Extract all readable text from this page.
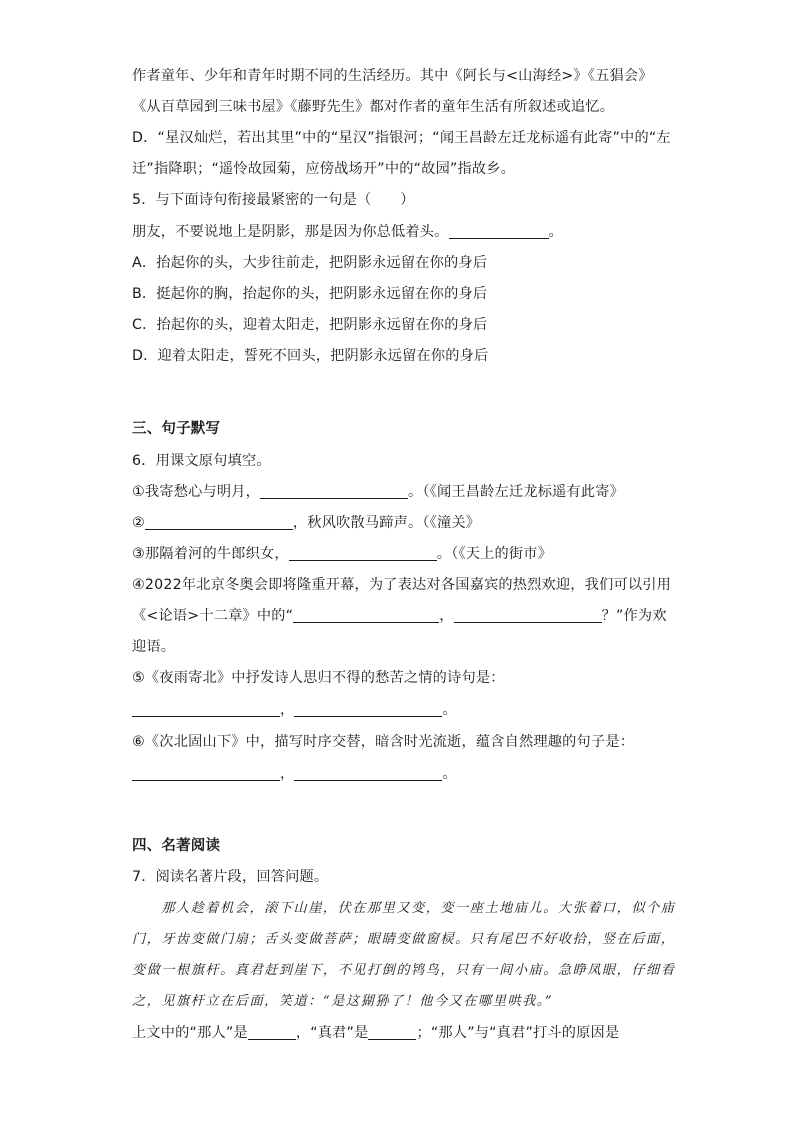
作者童年、少年和青年时期不同的生活经历。其中《阿长与<山海经>》《五猖会》
《从百草园到三味书屋》《藤野先生》都对作者的童年生活有所叙述或追忆。
D．“星汉灿烂，若出其里”中的“星汉”指银河；“闻王昌龄左迁龙标遥有此寄”中的“左
迁”指降职；“遥怜故园菊，应傍战场开”中的“故园”指故乡。
5．与下面诗句衔接最紧密的一句是（　　）
朋友，不要说地上是阴影，那是因为你总低着头。	。
A．抬起你的头，大步往前走，把阴影永远留在你的身后
B．挺起你的胸，抬起你的头，把阴影永远留在你的身后
C．抬起你的头，迎着太阳走，把阴影永远留在你的身后
D．迎着太阳走，誓死不回头，把阴影永远留在你的身后
三、句子默写
6．用课文原句填空。
①我寄愁心与明月，	。（《闻王昌龄左迁龙标遥有此寄》
②	，秋风吹散马蹄声。（《潼关》
③那隔着河的牛郎织女，	。（《天上的街市》
④2022年北京冬奥会即将隆重开幕，为了表达对各国嘉宾的热烈欢迎，我们可以引用
《<论语>十二章》中的“	，	？”作为欢
迎语。
⑤《夜雨寄北》中抒发诗人思归不得的愁苦之情的诗句是：
，	。
⑥《次北固山下》中，描写时序交替，暗含时光流逝，蕴含自然理趣的句子是：
，	。
四、名著阅读
7．阅读名著片段，回答问题。
　　那人趁着机会，滚下山崖，伏在那里又变，变一座土地庙儿。大张着口，似个庙
门，牙齿变做门扇；舌头变做菩萨；眼睛变做窗棂。只有尾巴不好收拾，竖在后面，
变做一根旗杆。真君赶到崖下，不见打倒的鸨鸟，只有一间小庙。急睁凤眼，仔细看
之，见旗杆立在后面，笑道：“是这猢狲了！他今又在哪里哄我。”
上文中的“那人”是	，“真君”是	；“那人”与“真君”打斗的原因是
